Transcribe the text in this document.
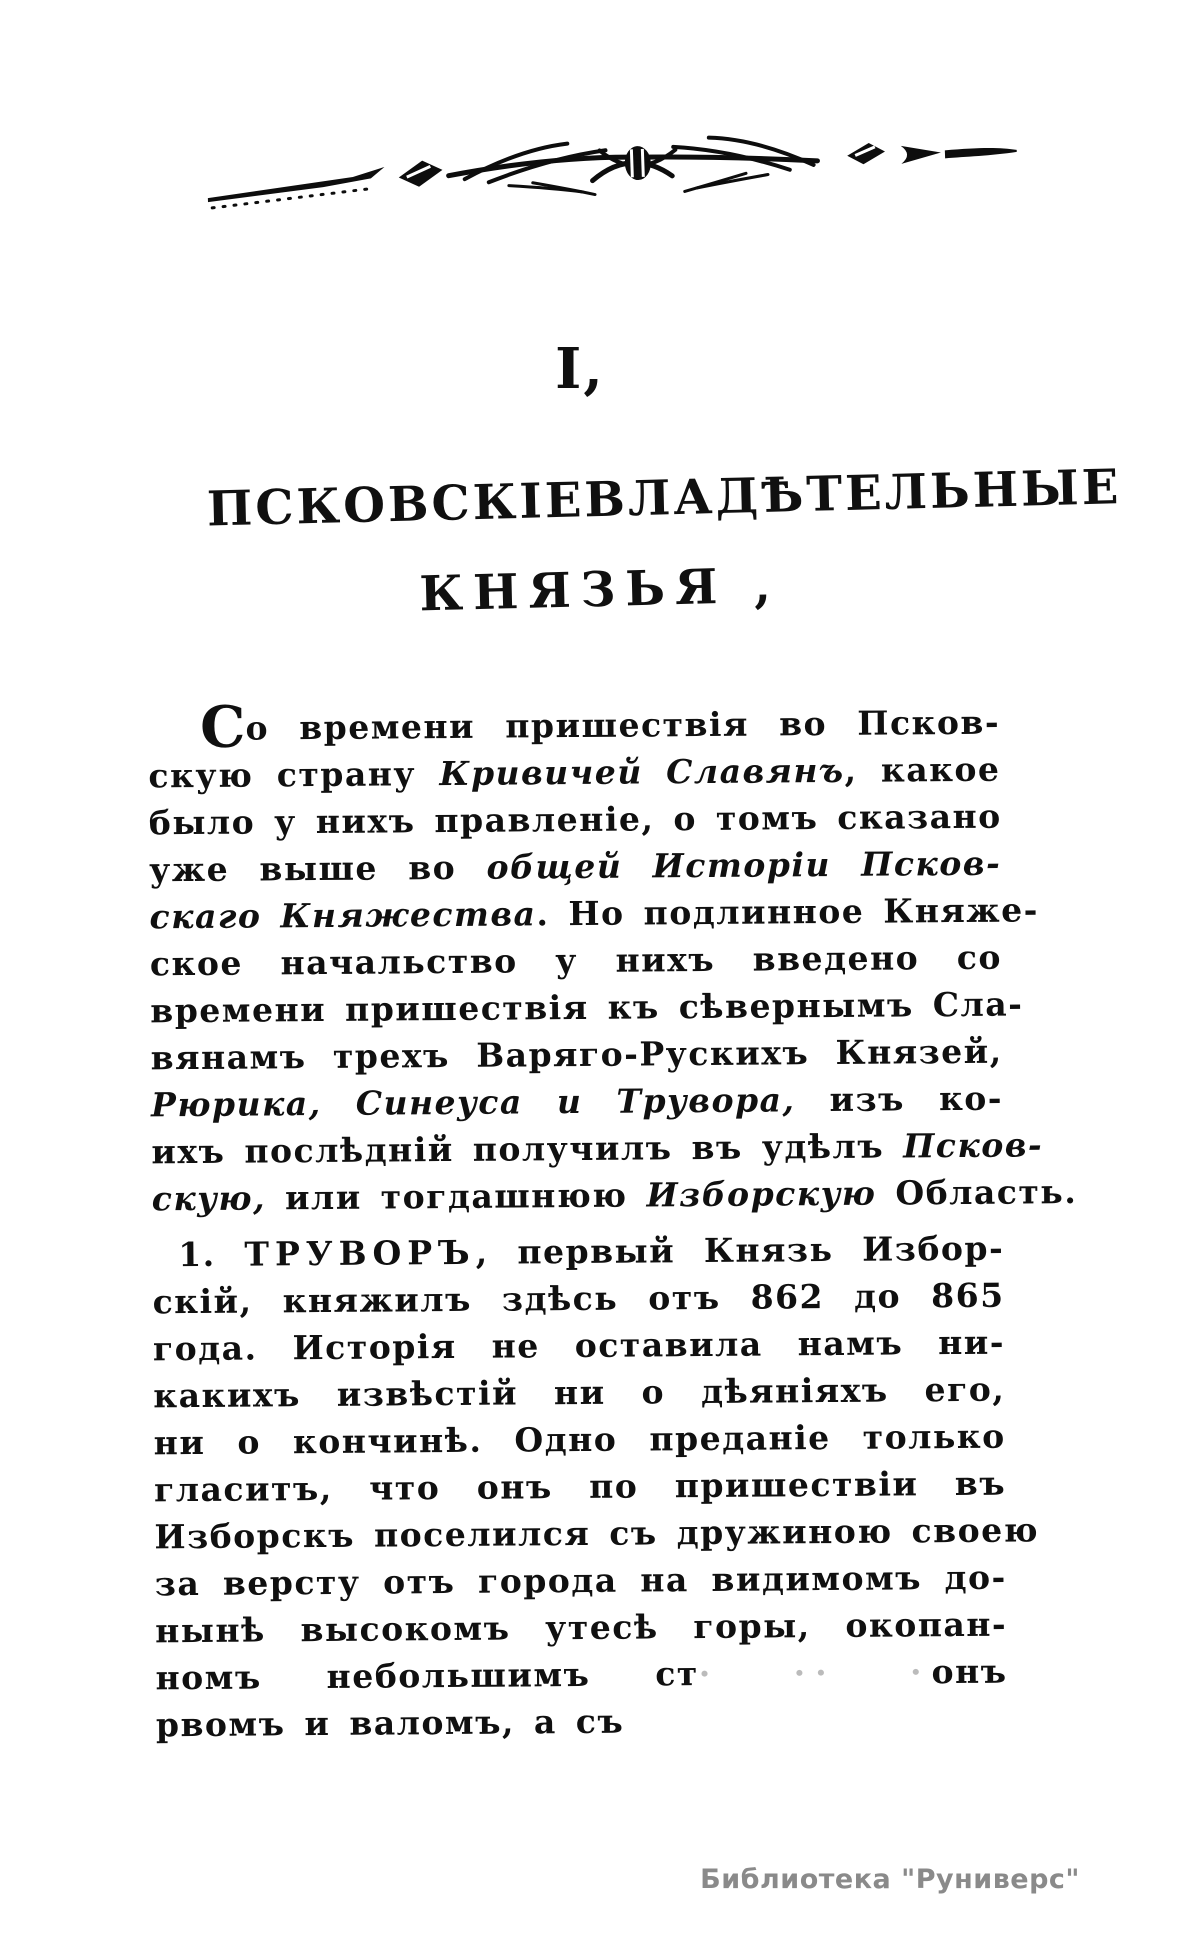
I,
ПСКОВСКІЕ
ВЛАДѢТЕЛЬНЫЕ
КНЯЗЬЯ ,
Со времени пришествія во Псков-
скую страну Кривичей Славянъ, какое
было у нихъ правленіе, о томъ сказано
уже выше во общей Исторіи Псков-
скаго Княжества. Но подлинное Княже-
ское начальство у нихъ введено со
времени пришествія къ сѣвернымъ Сла-
вянамъ трехъ Варяго-Рускихъ Князей,
Рюрика, Синеуса и Трувора, изъ ко-
ихъ послѣдній получилъ въ удѣлъ Псков-
скую, или тогдашнюю Изборскую Область.
1. ТРУВОРЪ, первый Князь Избор-
скій, княжилъ здѣсь отъ 862 до 865
года. Исторія не оставила намъ ни-
какихъ извѣстій ни о дѣяніяхъ его,
ни о кончинѣ. Одно преданіе только
гласитъ, что онъ по пришествіи въ
Изборскъ поселился съ дружиною своею
за версту отъ города на видимомъ до-
нынѣ высокомъ утесѣ горы, окопан-
номъ небольшимъ ст· ·· ·онъ
рвомъ и валомъ, а съ
Библиотека "Руниверс"
